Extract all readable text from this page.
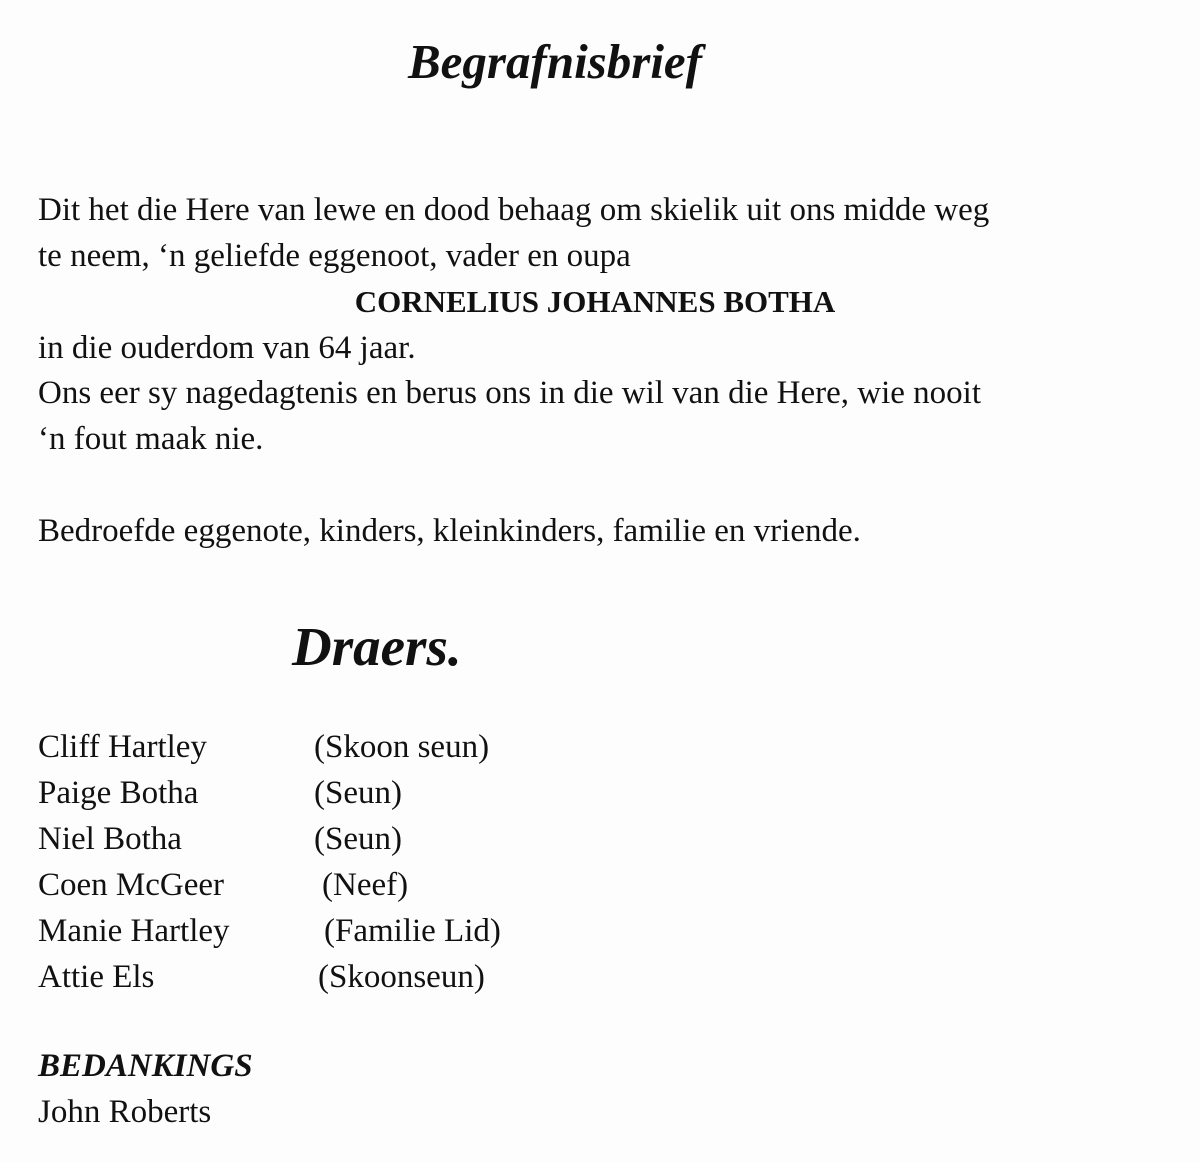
Begrafnisbrief

Dit het die Here van lewe en dood behaag om skielik uit ons midde weg

te neem, ‘n geliefde eggenoot, vader en oupa

CORNELIUS JOHANNES BOTHA

in die ouderdom van 64 jaar.

Ons eer sy nagedagtenis en berus ons in die wil van die Here, wie nooit

‘n fout maak nie.

Bedroefde eggenote, kinders, kleinkinders, familie en vriende.

Draers.
Cliff Hartley	(Skoon seun)
Paige Botha	(Seun)
Niel Botha	(Seun)
Coen McGeer	(Neef)
Manie Hartley	(Familie Lid)
Attie Els	(Skoonseun)

BEDANKINGS

John Roberts
